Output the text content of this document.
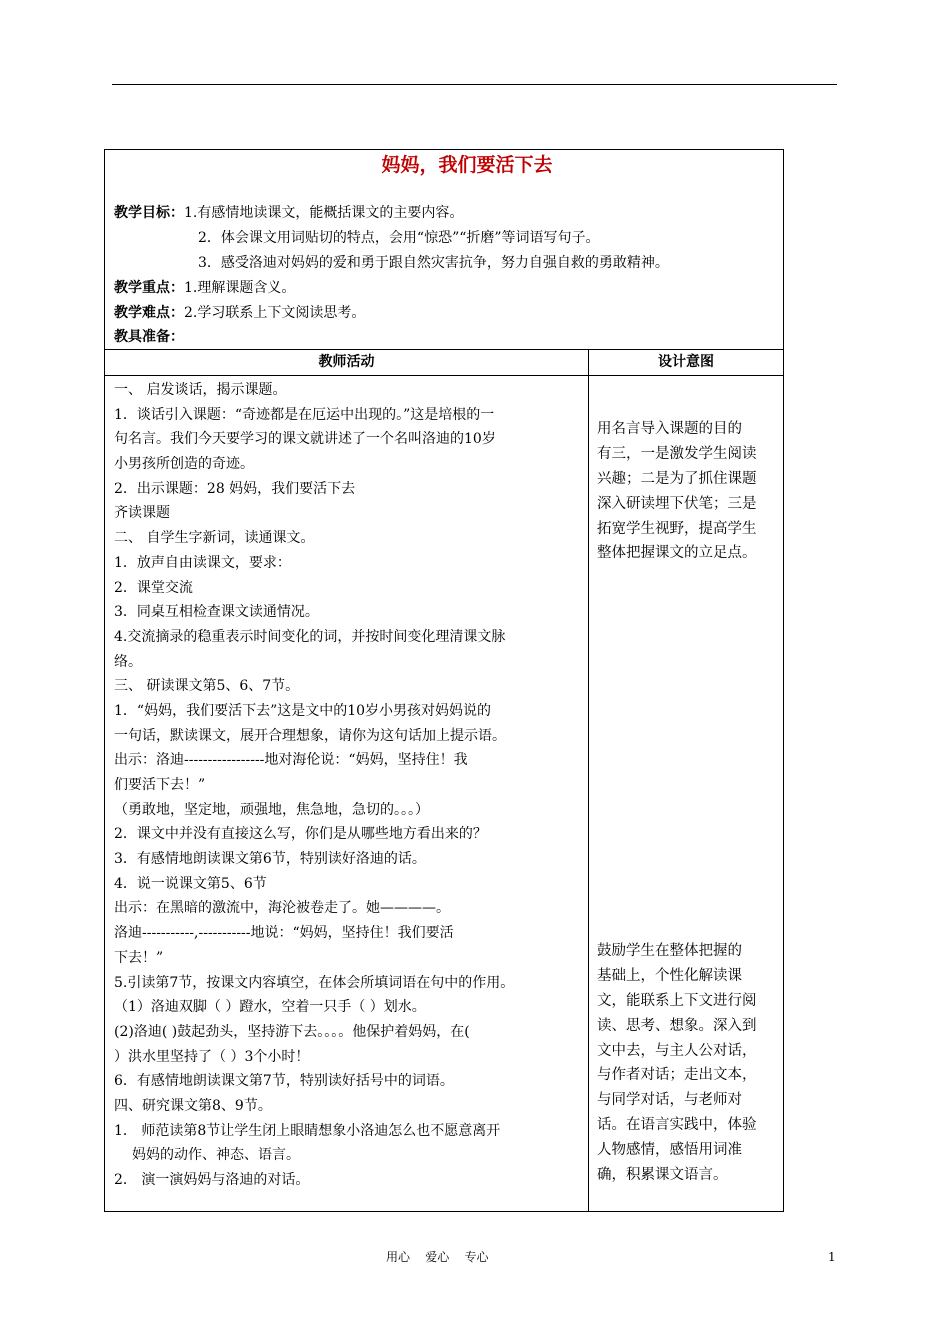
妈妈，我们要活下去
教学目标：1.有感情地读课文，能概括课文的主要内容。
2．体会课文用词贴切的特点，会用“惊恐”“折磨”等词语写句子。
3．感受洛迪对妈妈的爱和勇于跟自然灾害抗争，努力自强自救的勇敢精神。
教学重点：1.理解课题含义。
教学难点：2.学习联系上下文阅读思考。
教具准备：
教师活动	设计意图
一、 启发谈话，揭示课题。
1．谈话引入课题：“奇迹都是在厄运中出现的。”这是培根的一
句名言。我们今天要学习的课文就讲述了一个名叫洛迪的10岁
小男孩所创造的奇迹。
2．出示课题：28 妈妈，我们要活下去
齐读课题
二、 自学生字新词，读通课文。
1．放声自由读课文，要求：
2．课堂交流
3．同桌互相检查课文读通情况。
4.交流摘录的稳重表示时间变化的词，并按时间变化理清课文脉
络。
三、 研读课文第5、6、7节。
1．“妈妈，我们要活下去”这是文中的10岁小男孩对妈妈说的
一句话，默读课文，展开合理想象，请你为这句话加上提示语。
出示：洛迪-----------------地对海伦说：“妈妈，坚持住！我
们要活下去！”
（勇敢地，坚定地，顽强地，焦急地，急切的。。。）
2．课文中并没有直接这么写，你们是从哪些地方看出来的？
3．有感情地朗读课文第6节，特别读好洛迪的话。
4．说一说课文第5、6节
出示：在黑暗的激流中，海沦被卷走了。她————。
洛迪-----------,-----------地说：“妈妈，坚持住！我们要活
下去！”
5.引读第7节，按课文内容填空，在体会所填词语在句中的作用。
（1）洛迪双脚（ ）蹬水，空着一只手（ ）划水。
(2)洛迪( )鼓起劲头，坚持游下去。。。。他保护着妈妈，在(
）洪水里坚持了（ ）3个小时！
6．有感情地朗读课文第7节，特别读好括号中的词语。
四、研究课文第8、9节。
1． 师范读第8节让学生闭上眼睛想象小洛迪怎么也不愿意离开
妈妈的动作、神态、语言。
2． 演一演妈妈与洛迪的对话。
用名言导入课题的目的
有三，一是激发学生阅读
兴趣；二是为了抓住课题
深入研读埋下伏笔；三是
拓宽学生视野，提高学生
整体把握课文的立足点。
鼓励学生在整体把握的
基础上，个性化解读课
文，能联系上下文进行阅
读、思考、想象。深入到
文中去，与主人公对话，
与作者对话；走出文本，
与同学对话，与老师对
话。在语言实践中，体验
人物感情，感悟用词准
确，积累课文语言。
用心    爱心    专心	1
